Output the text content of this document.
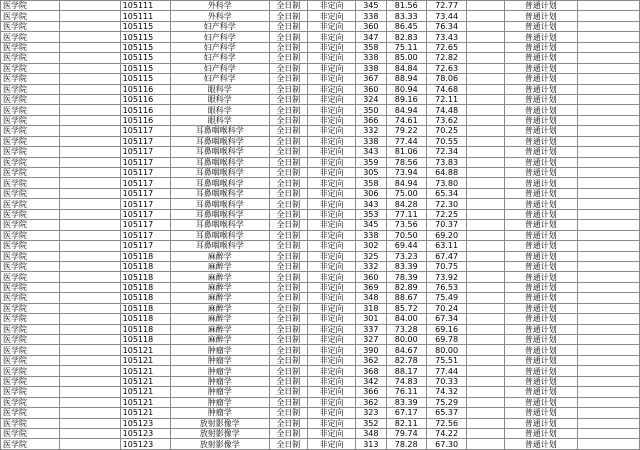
医学院		105111	外科学	全日制	非定向	345	81.56	72.77		普通计划	
医学院		105111	外科学	全日制	非定向	338	83.33	73.44		普通计划	
医学院		105115	妇产科学	全日制	非定向	360	86.45	76.34		普通计划	
医学院		105115	妇产科学	全日制	非定向	347	82.83	73.43		普通计划	
医学院		105115	妇产科学	全日制	非定向	358	75.11	72.65		普通计划	
医学院		105115	妇产科学	全日制	非定向	338	85.00	72.82		普通计划	
医学院		105115	妇产科学	全日制	非定向	338	84.84	72.63		普通计划	
医学院		105115	妇产科学	全日制	非定向	367	88.94	78.06		普通计划	
医学院		105116	眼科学	全日制	非定向	360	80.94	74.68		普通计划	
医学院		105116	眼科学	全日制	非定向	324	89.16	72.11		普通计划	
医学院		105116	眼科学	全日制	非定向	350	84.94	74.48		普通计划	
医学院		105116	眼科学	全日制	非定向	366	74.61	73.62		普通计划	
医学院		105117	耳鼻咽喉科学	全日制	非定向	332	79.22	70.25		普通计划	
医学院		105117	耳鼻咽喉科学	全日制	非定向	338	77.44	70.55		普通计划	
医学院		105117	耳鼻咽喉科学	全日制	非定向	343	81.06	72.34		普通计划	
医学院		105117	耳鼻咽喉科学	全日制	非定向	359	78.56	73.83		普通计划	
医学院		105117	耳鼻咽喉科学	全日制	非定向	305	73.94	64.88		普通计划	
医学院		105117	耳鼻咽喉科学	全日制	非定向	358	84.94	73.80		普通计划	
医学院		105117	耳鼻咽喉科学	全日制	非定向	306	75.00	65.34		普通计划	
医学院		105117	耳鼻咽喉科学	全日制	非定向	343	84.28	72.30		普通计划	
医学院		105117	耳鼻咽喉科学	全日制	非定向	353	77.11	72.25		普通计划	
医学院		105117	耳鼻咽喉科学	全日制	非定向	345	73.56	70.37		普通计划	
医学院		105117	耳鼻咽喉科学	全日制	非定向	338	70.50	69.20		普通计划	
医学院		105117	耳鼻咽喉科学	全日制	非定向	302	69.44	63.11		普通计划	
医学院		105118	麻醉学	全日制	非定向	325	73.23	67.47		普通计划	
医学院		105118	麻醉学	全日制	非定向	332	83.39	70.75		普通计划	
医学院		105118	麻醉学	全日制	非定向	360	78.39	73.92		普通计划	
医学院		105118	麻醉学	全日制	非定向	369	82.89	76.53		普通计划	
医学院		105118	麻醉学	全日制	非定向	348	88.67	75.49		普通计划	
医学院		105118	麻醉学	全日制	非定向	318	85.72	70.24		普通计划	
医学院		105118	麻醉学	全日制	非定向	301	84.00	67.34		普通计划	
医学院		105118	麻醉学	全日制	非定向	337	73.28	69.16		普通计划	
医学院		105118	麻醉学	全日制	非定向	327	80.00	69.78		普通计划	
医学院		105121	肿瘤学	全日制	非定向	390	84.67	80.00		普通计划	
医学院		105121	肿瘤学	全日制	非定向	362	82.78	75.51		普通计划	
医学院		105121	肿瘤学	全日制	非定向	368	88.17	77.44		普通计划	
医学院		105121	肿瘤学	全日制	非定向	342	74.83	70.33		普通计划	
医学院		105121	肿瘤学	全日制	非定向	366	76.11	74.32		普通计划	
医学院		105121	肿瘤学	全日制	非定向	362	83.39	75.29		普通计划	
医学院		105121	肿瘤学	全日制	非定向	323	67.17	65.37		普通计划	
医学院		105123	放射影像学	全日制	非定向	352	82.11	72.56		普通计划	
医学院		105123	放射影像学	全日制	非定向	348	79.74	74.22		普通计划	
医学院		105123	放射影像学	全日制	非定向	313	78.28	67.30		普通计划	
